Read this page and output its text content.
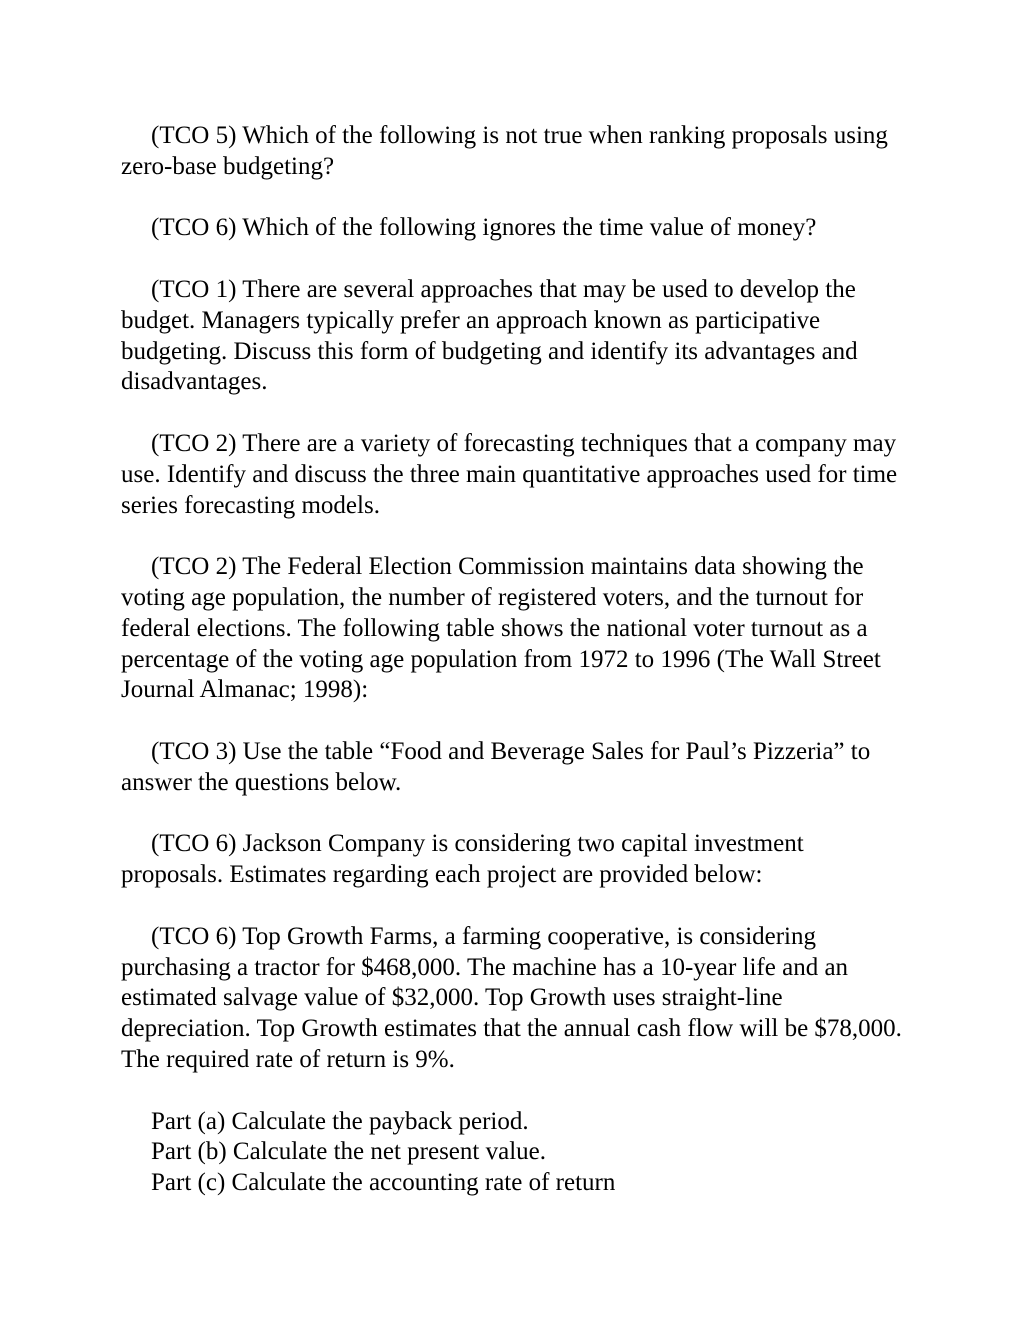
(TCO 5) Which of the following is not true when ranking proposals using zero-base budgeting?

(TCO 6) Which of the following ignores the time value of money?

(TCO 1) There are several approaches that may be used to develop the budget. Managers typically prefer an approach known as participative budgeting. Discuss this form of budgeting and identify its advantages and disadvantages.

(TCO 2) There are a variety of forecasting techniques that a company may use. Identify and discuss the three main quantitative approaches used for time series forecasting models.

(TCO 2) The Federal Election Commission maintains data showing the voting age population, the number of registered voters, and the turnout for federal elections. The following table shows the national voter turnout as a percentage of the voting age population from 1972 to 1996 (The Wall Street Journal Almanac; 1998):

(TCO 3) Use the table “Food and Beverage Sales for Paul’s Pizzeria” to answer the questions below.

(TCO 6) Jackson Company is considering two capital investment proposals. Estimates regarding each project are provided below:

(TCO 6) Top Growth Farms, a farming cooperative, is considering purchasing a tractor for $468,000. The machine has a 10-year life and an estimated salvage value of $32,000. Top Growth uses straight-line depreciation. Top Growth estimates that the annual cash flow will be $78,000. The required rate of return is 9%.

Part (a) Calculate the payback period.
Part (b) Calculate the net present value.
Part (c) Calculate the accounting rate of return
